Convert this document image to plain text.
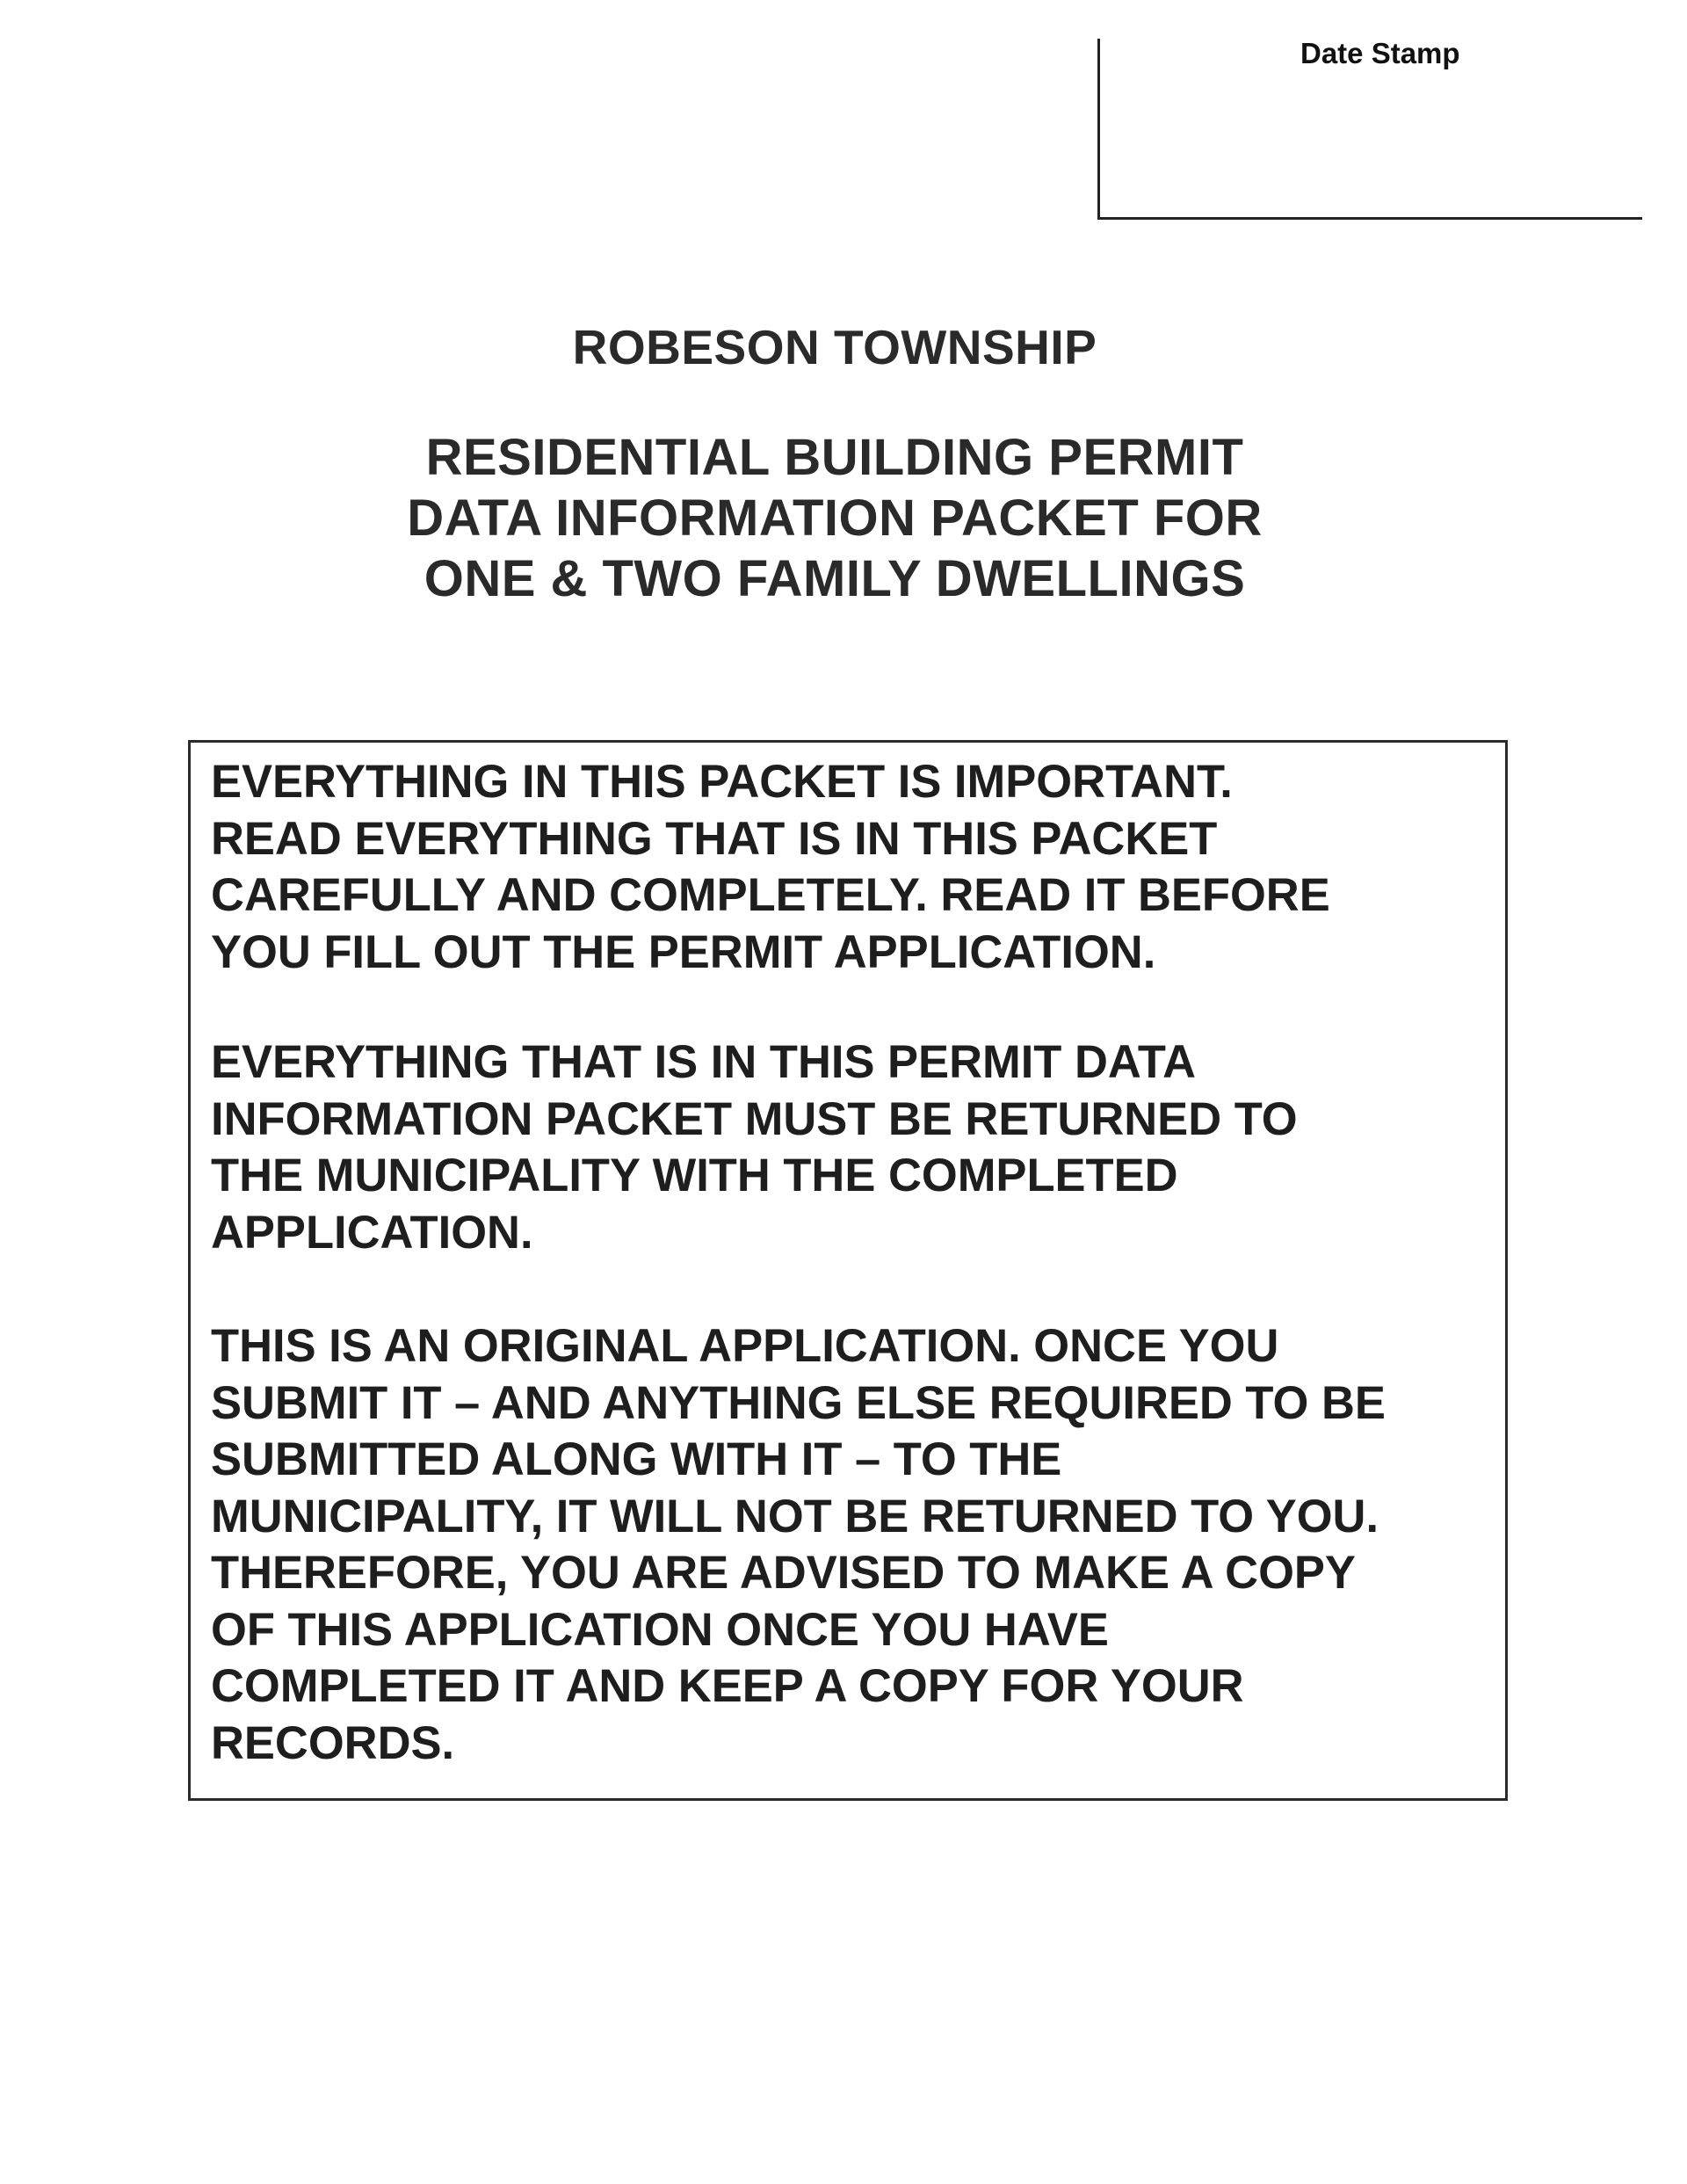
Date Stamp
ROBESON TOWNSHIP
RESIDENTIAL BUILDING PERMIT
DATA INFORMATION PACKET FOR
ONE & TWO FAMILY DWELLINGS
EVERYTHING IN THIS PACKET IS IMPORTANT.
READ EVERYTHING THAT IS IN THIS PACKET
CAREFULLY AND COMPLETELY. READ IT BEFORE
YOU FILL OUT THE PERMIT APPLICATION.
EVERYTHING THAT IS IN THIS PERMIT DATA
INFORMATION PACKET MUST BE RETURNED TO
THE MUNICIPALITY WITH THE COMPLETED
APPLICATION.
THIS IS AN ORIGINAL APPLICATION. ONCE YOU
SUBMIT IT – AND ANYTHING ELSE REQUIRED TO BE
SUBMITTED ALONG WITH IT – TO THE
MUNICIPALITY, IT WILL NOT BE RETURNED TO YOU.
THEREFORE, YOU ARE ADVISED TO MAKE A COPY
OF THIS APPLICATION ONCE YOU HAVE
COMPLETED IT AND KEEP A COPY FOR YOUR
RECORDS.
